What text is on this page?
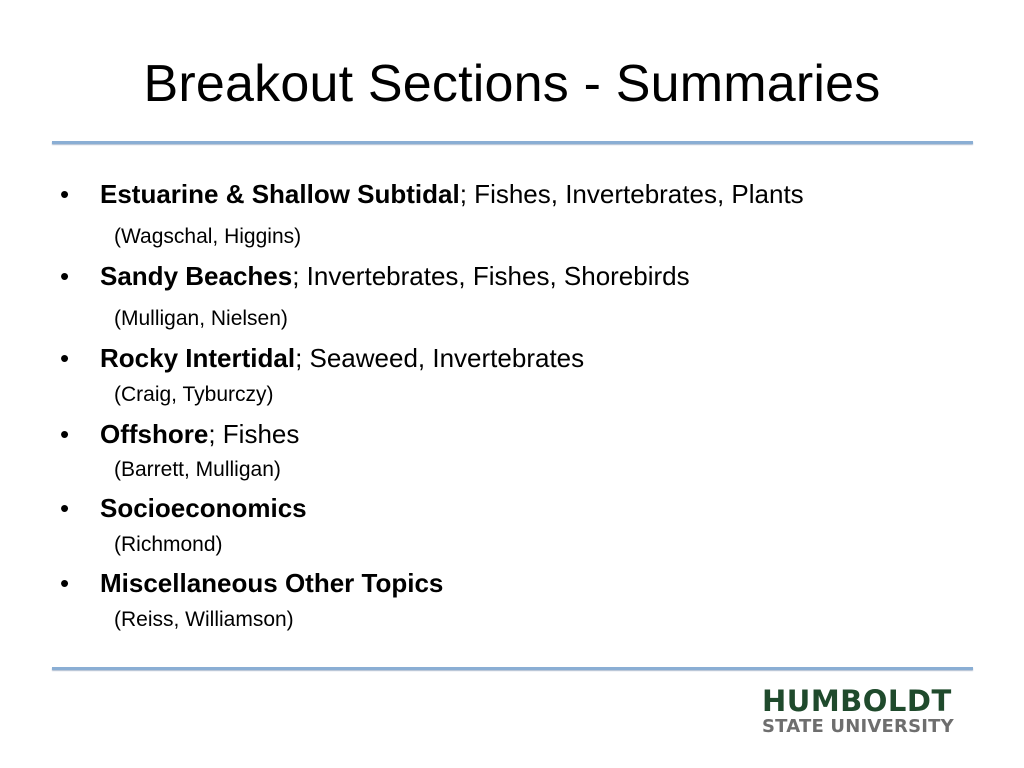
Breakout Sections - Summaries
• Estuarine & Shallow Subtidal; Fishes, Invertebrates, Plants
(Wagschal, Higgins)
• Sandy Beaches; Invertebrates, Fishes, Shorebirds
(Mulligan, Nielsen)
• Rocky Intertidal; Seaweed, Invertebrates
(Craig, Tyburczy)
• Offshore; Fishes
(Barrett, Mulligan)
• Socioeconomics
(Richmond)
• Miscellaneous Other Topics
(Reiss, Williamson)
HUMBOLDT
STATE UNIVERSITY
